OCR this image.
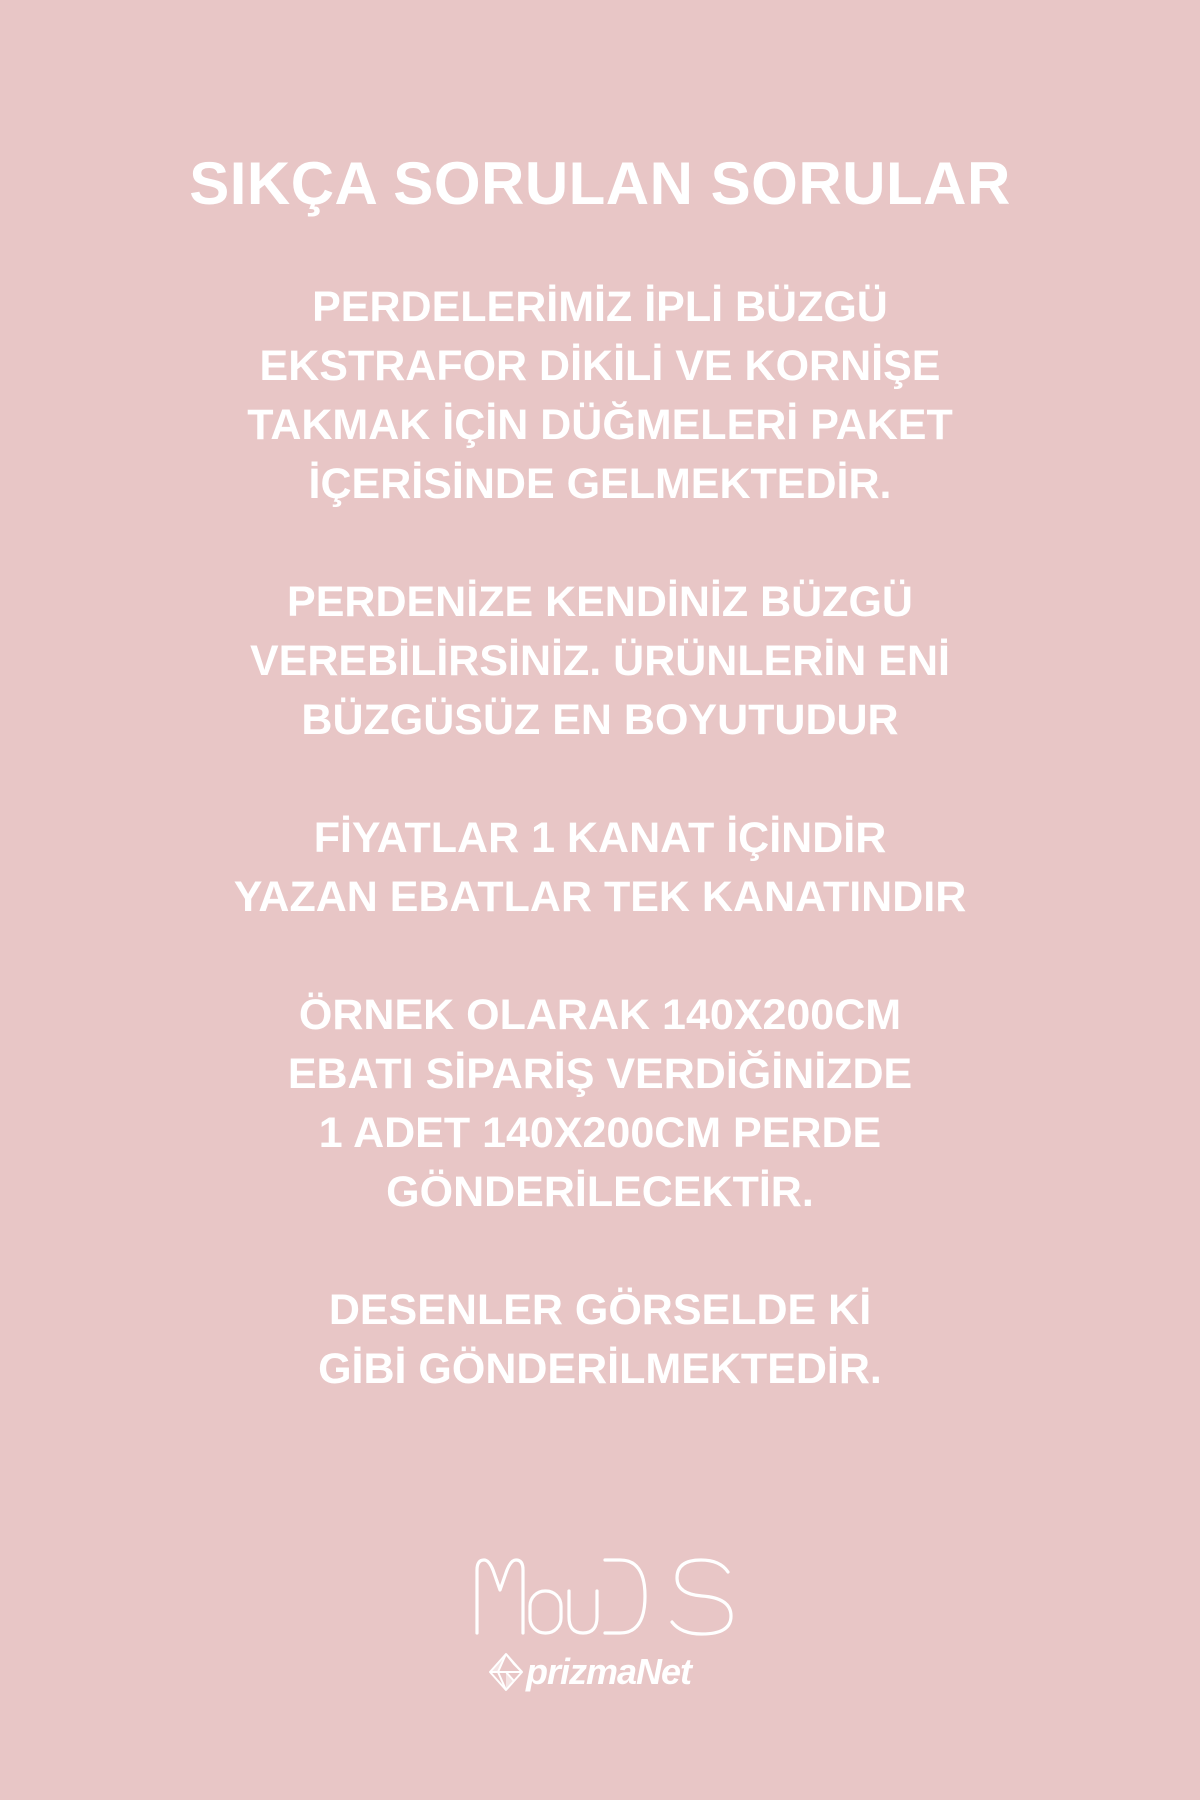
SIKÇA SORULAN SORULAR
PERDELERİMİZ İPLİ BÜZGÜ
EKSTRAFOR DİKİLİ VE KORNİŞE
TAKMAK İÇİN DÜĞMELERİ PAKET
İÇERİSİNDE GELMEKTEDİR.
PERDENİZE KENDİNİZ BÜZGÜ
VEREBİLİRSİNİZ. ÜRÜNLERİN ENİ
BÜZGÜSÜZ EN BOYUTUDUR
FİYATLAR 1 KANAT İÇİNDİR
YAZAN EBATLAR TEK KANATINDIR
ÖRNEK OLARAK 140X200CM
EBATI SİPARİŞ VERDİĞİNİZDE
1 ADET 140X200CM PERDE
GÖNDERİLECEKTİR.
DESENLER GÖRSELDE Kİ
GİBİ GÖNDERİLMEKTEDİR.
prizmaNet
